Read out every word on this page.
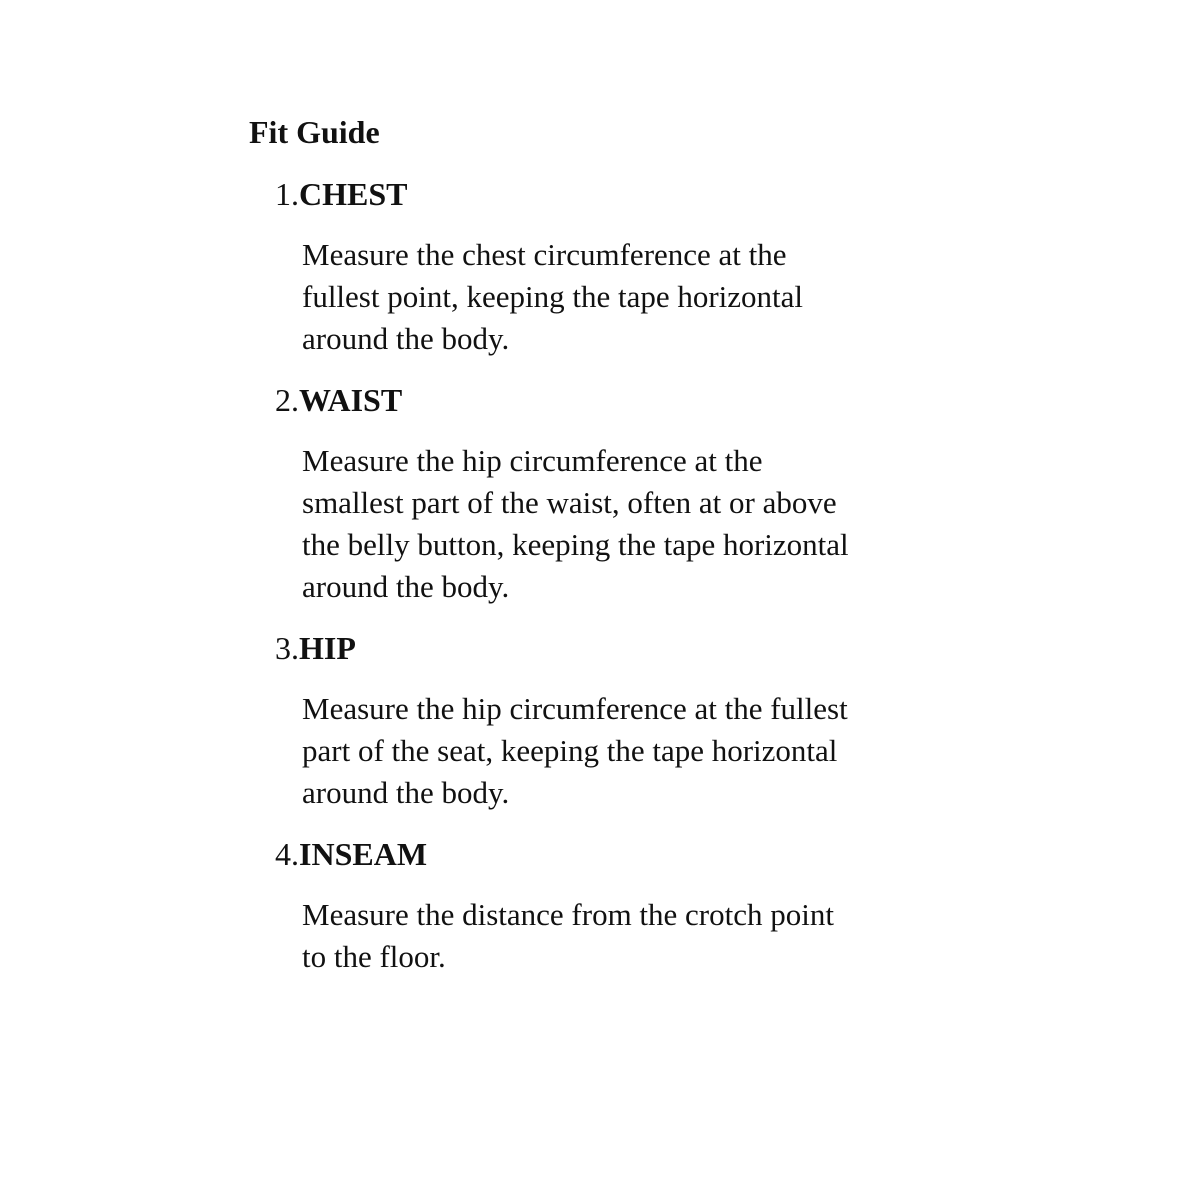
Fit Guide
1.CHEST
Measure the chest circumference at the
fullest point, keeping the tape horizontal
around the body.
2.WAIST
Measure the hip circumference at the
smallest part of the waist, often at or above
the belly button, keeping the tape horizontal
around the body.
3.HIP
Measure the hip circumference at the fullest
part of the seat, keeping the tape horizontal
around the body.
4.INSEAM
Measure the distance from the crotch point
to the floor.
